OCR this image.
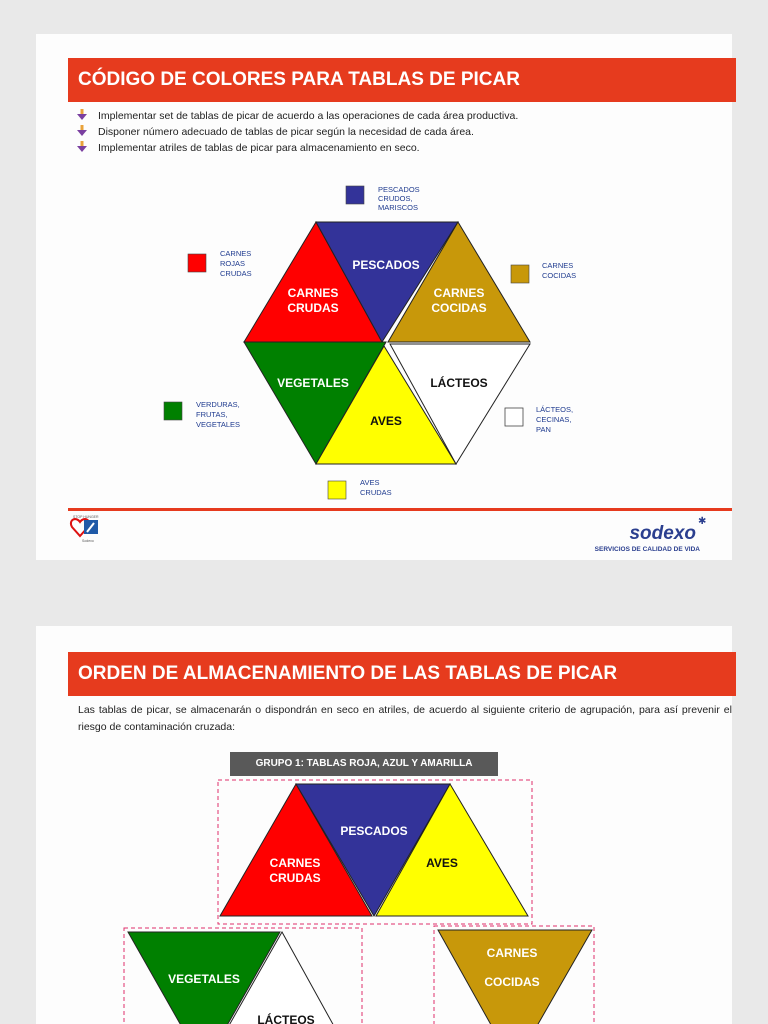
CÓDIGO DE COLORES PARA TABLAS DE PICAR
Implementar set de tablas de picar de acuerdo a las operaciones de cada área productiva.
Disponer número adecuado de tablas de picar según la necesidad de cada área.
Implementar atriles de tablas de picar para almacenamiento en seco.
PESCADOS
CARNES
CRUDAS
CARNES
COCIDAS
VEGETALES	LÁCTEOS
AVES
PESCADOS
CRUDOS,
MARISCOS
CARNES
ROJAS
CRUDAS
CARNES
COCIDAS
VERDURAS,
FRUTAS,
VEGETALES
LÁCTEOS,
CECINAS,
PAN
AVES
CRUDAS
STOP HUNGER
Sodexo	sodexo
✱
SERVICIOS DE CALIDAD DE VIDA
ORDEN DE ALMACENAMIENTO DE LAS TABLAS DE PICAR

Las tablas de picar, se almacenarán o dispondrán en seco en atriles, de acuerdo al siguiente criterio de agrupación, para así prevenir el riesgo de contaminación cruzada:

GRUPO 1: TABLAS ROJA, AZUL Y AMARILLA
PESCADOS
CARNES
CRUDAS
AVES
VEGETALES
LÁCTEOS
CARNES
COCIDAS
